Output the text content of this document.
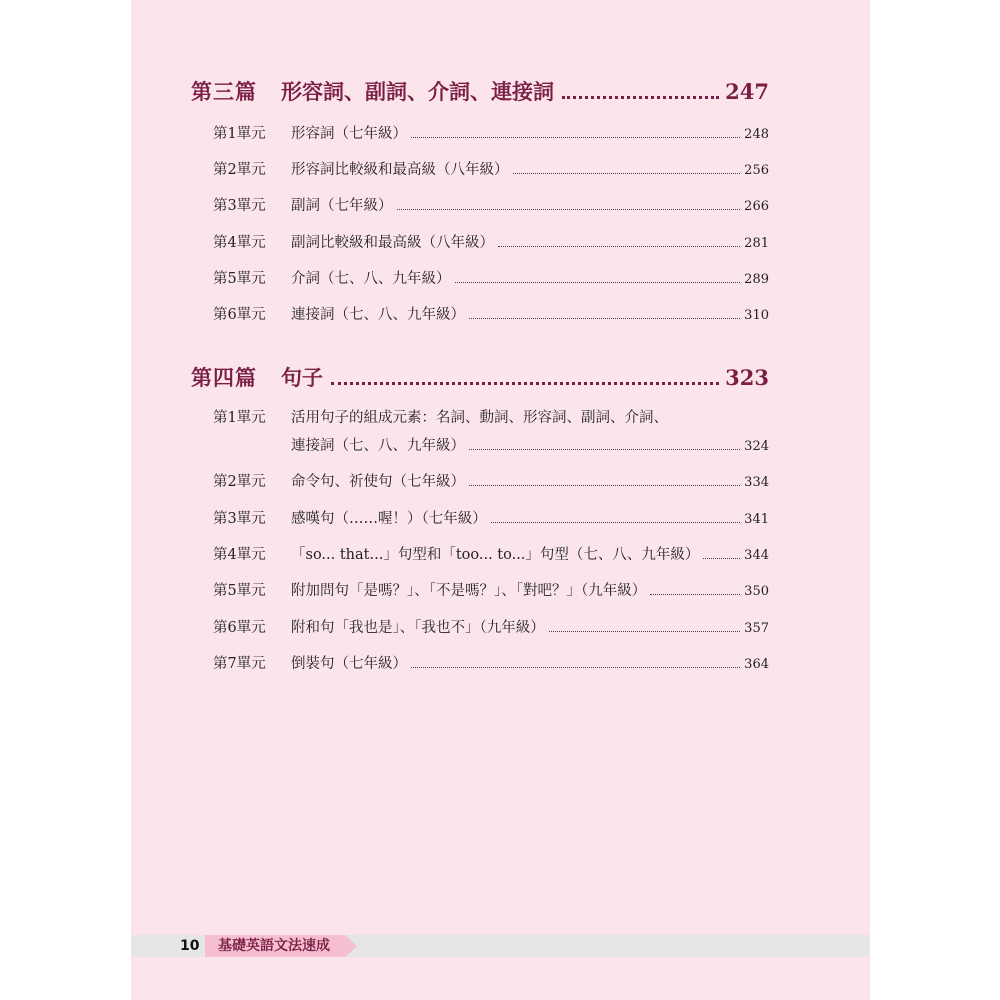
第三篇	形容詞、副詞、介詞、連接詞	247
第1單元	形容詞（七年級）	248
第2單元	形容詞比較級和最高級（八年級）	256
第3單元	副詞（七年級）	266
第4單元	副詞比較級和最高級（八年級）	281
第5單元	介詞（七、八、九年級）	289
第6單元	連接詞（七、八、九年級）	310
第四篇	句子	323
第1單元	活用句子的組成元素：名詞、動詞、形容詞、副詞、介詞、
連接詞（七、八、九年級）	324
第2單元	命令句、祈使句（七年級）	334
第3單元	感嘆句（……喔！）（七年級）	341
第4單元	「so... that...」句型和「too... to...」句型（七、八、九年級）	344
第5單元	附加問句「是嗎？」、「不是嗎？」、「對吧？」（九年級）	350
第6單元	附和句「我也是」、「我也不」（九年級）	357
第7單元	倒裝句（七年級）	364
10 基礎英語文法速成
